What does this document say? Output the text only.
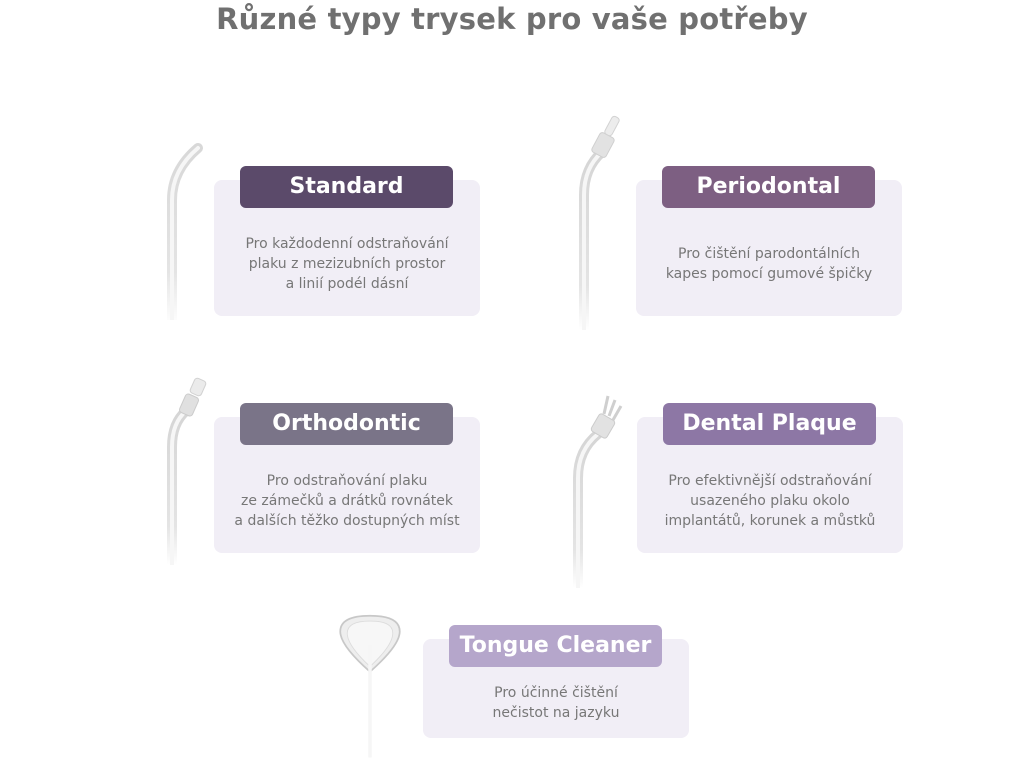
Různé typy trysek pro vaše potřeby
Standard
Pro každodenní odstraňování
plaku z mezizubních prostor
a linií podél dásní
Periodontal
Pro čištění parodontálních
kapes pomocí gumové špičky
Orthodontic
Pro odstraňování plaku
ze zámečků a drátků rovnátek
a dalších těžko dostupných míst
Dental Plaque
Pro efektivnější odstraňování
usazeného plaku okolo
implantátů, korunek a můstků
Tongue Cleaner
Pro účinné čištění
nečistot na jazyku
